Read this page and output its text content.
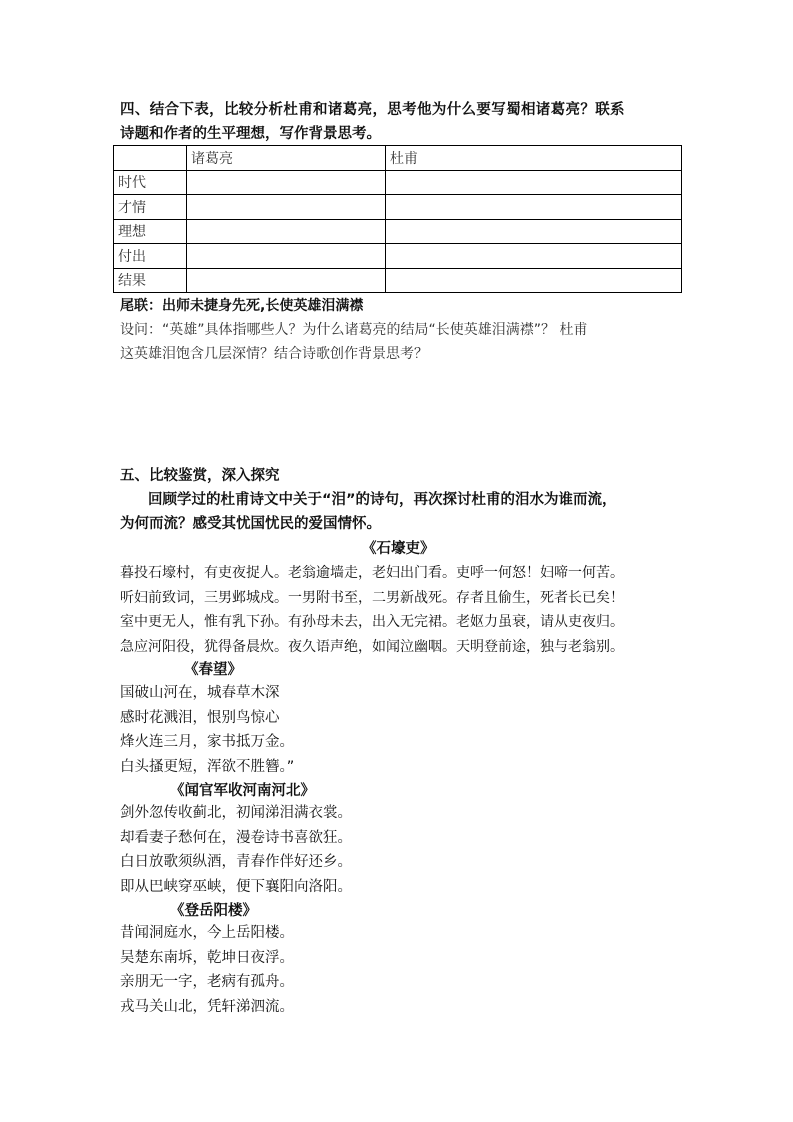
四、结合下表，比较分析杜甫和诸葛亮，思考他为什么要写蜀相诸葛亮？联系
诗题和作者的生平理想，写作背景思考。
	诸葛亮	杜甫
时代		
才情		
理想		
付出		
结果		
尾联：出师未捷身先死,长使英雄泪满襟
设问：“英雄”具体指哪些人？为什么诸葛亮的结局“长使英雄泪满襟”？ 杜甫
这英雄泪饱含几层深情？结合诗歌创作背景思考？
五、比较鉴赏，深入探究
回顾学过的杜甫诗文中关于“泪”的诗句，再次探讨杜甫的泪水为谁而流，
为何而流？感受其忧国忧民的爱国情怀。
《石壕吏》
暮投石壕村，有吏夜捉人。老翁逾墙走，老妇出门看。吏呼一何怒！妇啼一何苦。
听妇前致词，三男邺城戍。一男附书至，二男新战死。存者且偷生，死者长已矣！
室中更无人，惟有乳下孙。有孙母未去，出入无完裙。老妪力虽衰，请从吏夜归。
急应河阳役，犹得备晨炊。夜久语声绝，如闻泣幽咽。天明登前途，独与老翁别。
《春望》
国破山河在，城春草木深
感时花溅泪，恨别鸟惊心
烽火连三月，家书抵万金。
白头搔更短，浑欲不胜簪。”
《闻官军收河南河北》
剑外忽传收蓟北，初闻涕泪满衣裳。
却看妻子愁何在，漫卷诗书喜欲狂。
白日放歌须纵酒，青春作伴好还乡。
即从巴峡穿巫峡，便下襄阳向洛阳。
《登岳阳楼》
昔闻洞庭水，今上岳阳楼。
吴楚东南坼，乾坤日夜浮。
亲朋无一字，老病有孤舟。
戎马关山北，凭轩涕泗流。
